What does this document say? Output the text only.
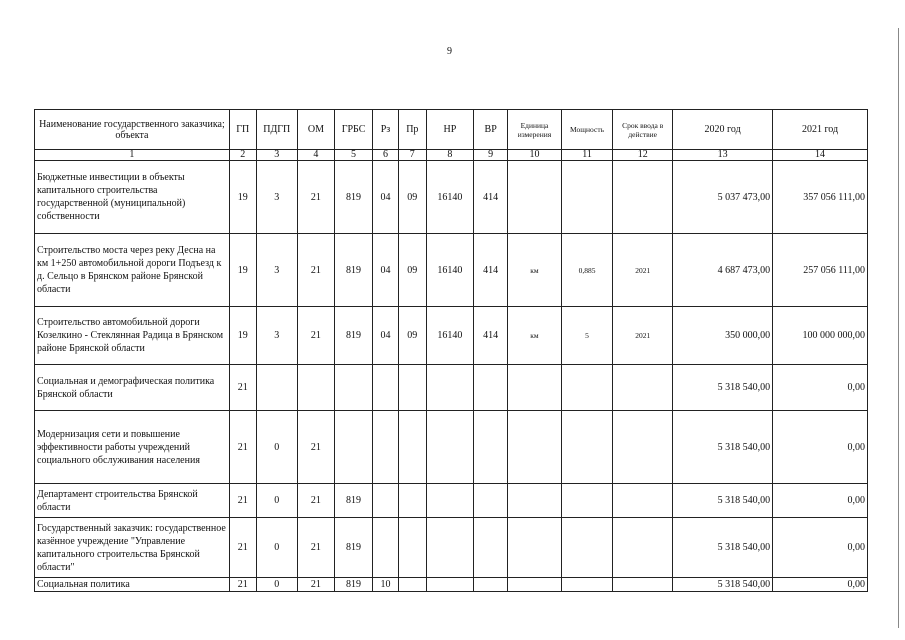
9
Наименование государственного заказчика; объекта	ГП	ПДГП	ОМ	ГРБС	Рз	Пр	НР	ВР	Единица измерения	Мощность	Срок ввода в действие	2020 год	2021 год
1	2	3	4	5	6	7	8	9	10	11	12	13	14
Бюджетные инвестиции в объекты капитального строительства государственной (муниципальной) собственности	19	3	21	819	04	09	16140	414				5 037 473,00	357 056 111,00
Строительство моста через реку Десна на км 1+250 автомобильной дороги Подъезд к д. Сельцо в Брянском районе Брянской области	19	3	21	819	04	09	16140	414	км	0,885	2021	4 687 473,00	257 056 111,00
Строительство автомобильной дороги Козелкино - Стеклянная Радица в Брянском районе Брянской области	19	3	21	819	04	09	16140	414	км	5	2021	350 000,00	100 000 000,00
Социальная и демографическая политика Брянской области	21											5 318 540,00	0,00
Модернизация сети и повышение эффективности работы учреждений социального обслуживания населения	21	0	21									5 318 540,00	0,00
Департамент строительства Брянской области	21	0	21	819								5 318 540,00	0,00
Государственный заказчик: государственное казённое учреждение "Управление капитального строительства Брянской области"	21	0	21	819								5 318 540,00	0,00
Социальная политика	21	0	21	819	10							5 318 540,00	0,00
